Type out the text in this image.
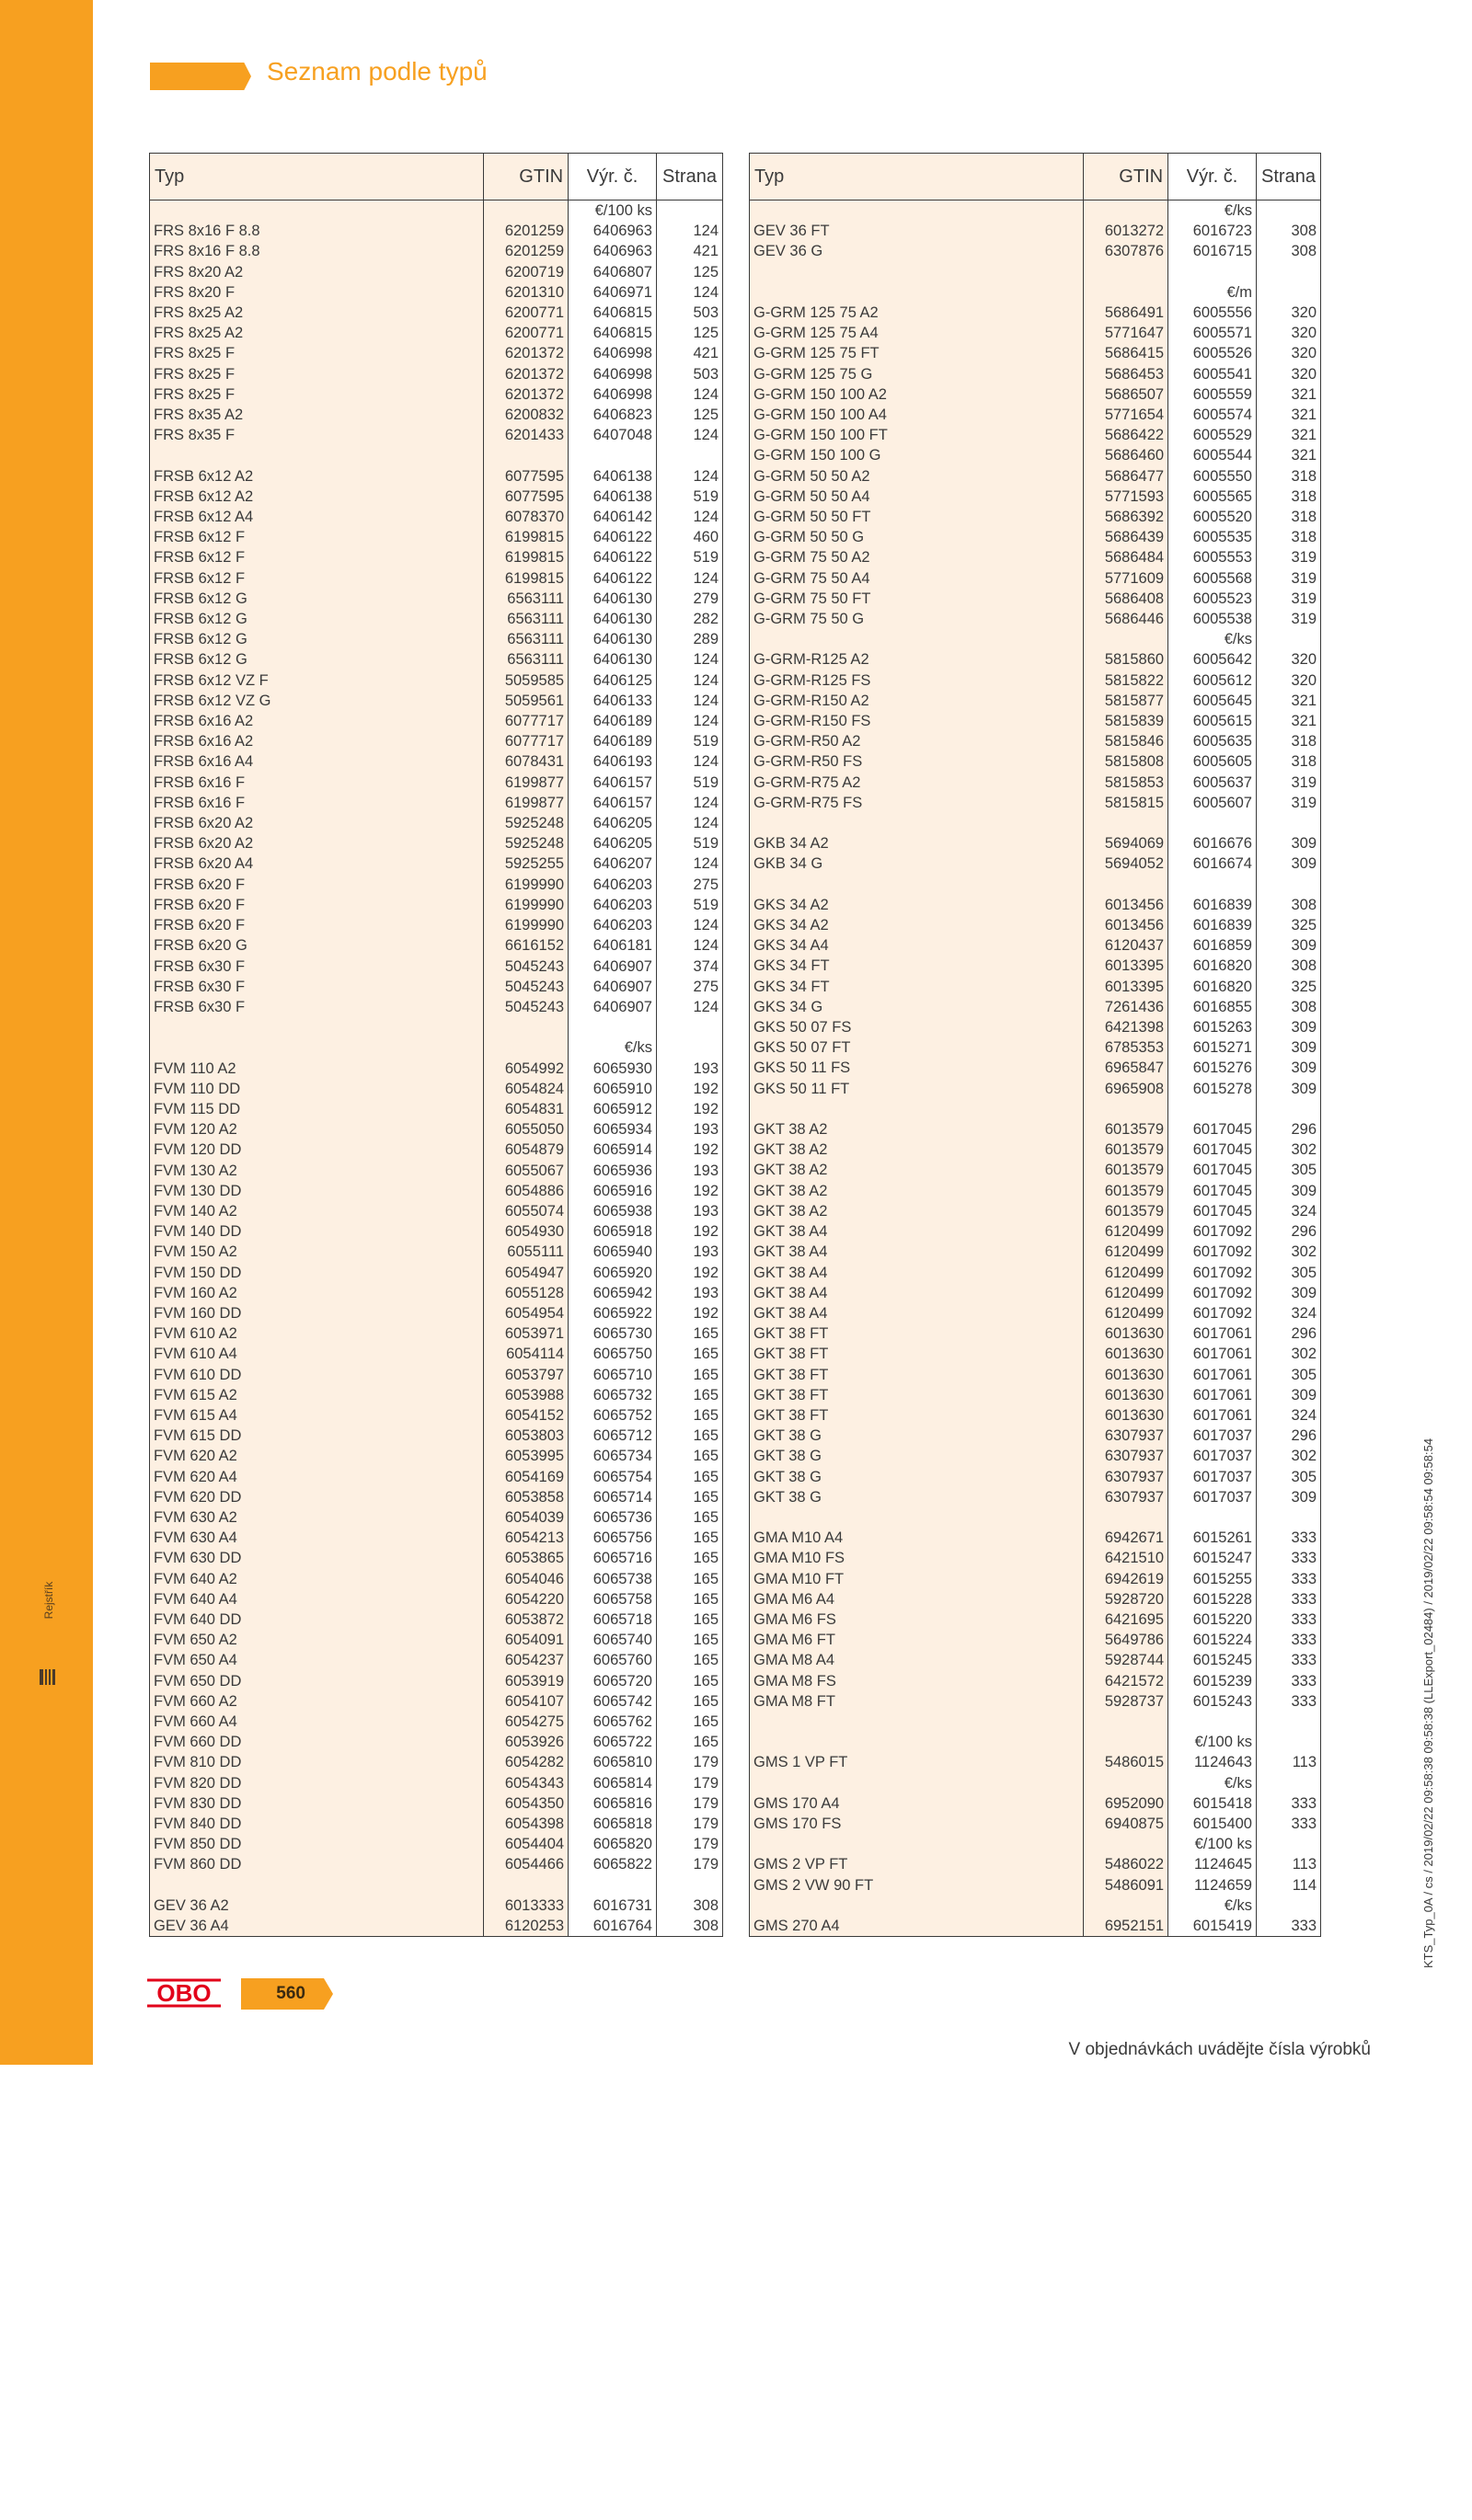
Rejstřík
Seznam podle typů
Typ	GTIN	Výr. č.	Strana
		€/100 ks	
FRS 8x16 F 8.8	6201259	6406963	124
FRS 8x16 F 8.8	6201259	6406963	421
FRS 8x20 A2	6200719	6406807	125
FRS 8x20 F	6201310	6406971	124
FRS 8x25 A2	6200771	6406815	503
FRS 8x25 A2	6200771	6406815	125
FRS 8x25 F	6201372	6406998	421
FRS 8x25 F	6201372	6406998	503
FRS 8x25 F	6201372	6406998	124
FRS 8x35 A2	6200832	6406823	125
FRS 8x35 F	6201433	6407048	124

FRSB 6x12 A2	6077595	6406138	124
FRSB 6x12 A2	6077595	6406138	519
FRSB 6x12 A4	6078370	6406142	124
FRSB 6x12 F	6199815	6406122	460
FRSB 6x12 F	6199815	6406122	519
FRSB 6x12 F	6199815	6406122	124
FRSB 6x12 G	6563111	6406130	279
FRSB 6x12 G	6563111	6406130	282
FRSB 6x12 G	6563111	6406130	289
FRSB 6x12 G	6563111	6406130	124
FRSB 6x12 VZ F	5059585	6406125	124
FRSB 6x12 VZ G	5059561	6406133	124
FRSB 6x16 A2	6077717	6406189	124
FRSB 6x16 A2	6077717	6406189	519
FRSB 6x16 A4	6078431	6406193	124
FRSB 6x16 F	6199877	6406157	519
FRSB 6x16 F	6199877	6406157	124
FRSB 6x20 A2	5925248	6406205	124
FRSB 6x20 A2	5925248	6406205	519
FRSB 6x20 A4	5925255	6406207	124
FRSB 6x20 F	6199990	6406203	275
FRSB 6x20 F	6199990	6406203	519
FRSB 6x20 F	6199990	6406203	124
FRSB 6x20 G	6616152	6406181	124
FRSB 6x30 F	5045243	6406907	374
FRSB 6x30 F	5045243	6406907	275
FRSB 6x30 F	5045243	6406907	124

		€/ks	
FVM 110 A2	6054992	6065930	193
FVM 110 DD	6054824	6065910	192
FVM 115 DD	6054831	6065912	192
FVM 120 A2	6055050	6065934	193
FVM 120 DD	6054879	6065914	192
FVM 130 A2	6055067	6065936	193
FVM 130 DD	6054886	6065916	192
FVM 140 A2	6055074	6065938	193
FVM 140 DD	6054930	6065918	192
FVM 150 A2	6055111	6065940	193
FVM 150 DD	6054947	6065920	192
FVM 160 A2	6055128	6065942	193
FVM 160 DD	6054954	6065922	192
FVM 610 A2	6053971	6065730	165
FVM 610 A4	6054114	6065750	165
FVM 610 DD	6053797	6065710	165
FVM 615 A2	6053988	6065732	165
FVM 615 A4	6054152	6065752	165
FVM 615 DD	6053803	6065712	165
FVM 620 A2	6053995	6065734	165
FVM 620 A4	6054169	6065754	165
FVM 620 DD	6053858	6065714	165
FVM 630 A2	6054039	6065736	165
FVM 630 A4	6054213	6065756	165
FVM 630 DD	6053865	6065716	165
FVM 640 A2	6054046	6065738	165
FVM 640 A4	6054220	6065758	165
FVM 640 DD	6053872	6065718	165
FVM 650 A2	6054091	6065740	165
FVM 650 A4	6054237	6065760	165
FVM 650 DD	6053919	6065720	165
FVM 660 A2	6054107	6065742	165
FVM 660 A4	6054275	6065762	165
FVM 660 DD	6053926	6065722	165
FVM 810 DD	6054282	6065810	179
FVM 820 DD	6054343	6065814	179
FVM 830 DD	6054350	6065816	179
FVM 840 DD	6054398	6065818	179
FVM 850 DD	6054404	6065820	179
FVM 860 DD	6054466	6065822	179

GEV 36 A2	6013333	6016731	308
GEV 36 A4	6120253	6016764	308
Typ	GTIN	Výr. č.	Strana
		€/ks	
GEV 36 FT	6013272	6016723	308
GEV 36 G	6307876	6016715	308

		€/m	
G-GRM 125 75 A2	5686491	6005556	320
G-GRM 125 75 A4	5771647	6005571	320
G-GRM 125 75 FT	5686415	6005526	320
G-GRM 125 75 G	5686453	6005541	320
G-GRM 150 100 A2	5686507	6005559	321
G-GRM 150 100 A4	5771654	6005574	321
G-GRM 150 100 FT	5686422	6005529	321
G-GRM 150 100 G	5686460	6005544	321
G-GRM 50 50 A2	5686477	6005550	318
G-GRM 50 50 A4	5771593	6005565	318
G-GRM 50 50 FT	5686392	6005520	318
G-GRM 50 50 G	5686439	6005535	318
G-GRM 75 50 A2	5686484	6005553	319
G-GRM 75 50 A4	5771609	6005568	319
G-GRM 75 50 FT	5686408	6005523	319
G-GRM 75 50 G	5686446	6005538	319
		€/ks	
G-GRM-R125 A2	5815860	6005642	320
G-GRM-R125 FS	5815822	6005612	320
G-GRM-R150 A2	5815877	6005645	321
G-GRM-R150 FS	5815839	6005615	321
G-GRM-R50 A2	5815846	6005635	318
G-GRM-R50 FS	5815808	6005605	318
G-GRM-R75 A2	5815853	6005637	319
G-GRM-R75 FS	5815815	6005607	319

GKB 34 A2	5694069	6016676	309
GKB 34 G	5694052	6016674	309

GKS 34 A2	6013456	6016839	308
GKS 34 A2	6013456	6016839	325
GKS 34 A4	6120437	6016859	309
GKS 34 FT	6013395	6016820	308
GKS 34 FT	6013395	6016820	325
GKS 34 G	7261436	6016855	308
GKS 50 07 FS	6421398	6015263	309
GKS 50 07 FT	6785353	6015271	309
GKS 50 11 FS	6965847	6015276	309
GKS 50 11 FT	6965908	6015278	309

GKT 38 A2	6013579	6017045	296
GKT 38 A2	6013579	6017045	302
GKT 38 A2	6013579	6017045	305
GKT 38 A2	6013579	6017045	309
GKT 38 A2	6013579	6017045	324
GKT 38 A4	6120499	6017092	296
GKT 38 A4	6120499	6017092	302
GKT 38 A4	6120499	6017092	305
GKT 38 A4	6120499	6017092	309
GKT 38 A4	6120499	6017092	324
GKT 38 FT	6013630	6017061	296
GKT 38 FT	6013630	6017061	302
GKT 38 FT	6013630	6017061	305
GKT 38 FT	6013630	6017061	309
GKT 38 FT	6013630	6017061	324
GKT 38 G	6307937	6017037	296
GKT 38 G	6307937	6017037	302
GKT 38 G	6307937	6017037	305
GKT 38 G	6307937	6017037	309

GMA M10 A4	6942671	6015261	333
GMA M10 FS	6421510	6015247	333
GMA M10 FT	6942619	6015255	333
GMA M6 A4	5928720	6015228	333
GMA M6 FS	6421695	6015220	333
GMA M6 FT	5649786	6015224	333
GMA M8 A4	5928744	6015245	333
GMA M8 FS	6421572	6015239	333
GMA M8 FT	5928737	6015243	333

		€/100 ks	
GMS 1 VP FT	5486015	1124643	113
		€/ks	
GMS 170 A4	6952090	6015418	333
GMS 170 FS	6940875	6015400	333
		€/100 ks	
GMS 2 VP FT	5486022	1124645	113
GMS 2 VW 90 FT	5486091	1124659	114
		€/ks	
GMS 270 A4	6952151	6015419	333
OBO	560
V objednávkách uvádějte čísla výrobků
KTS_Typ_0A / cs / 2019/02/22 09:58:38 09:58:38 (LLExport_02484) / 2019/02/22 09:58:54 09:58:54
